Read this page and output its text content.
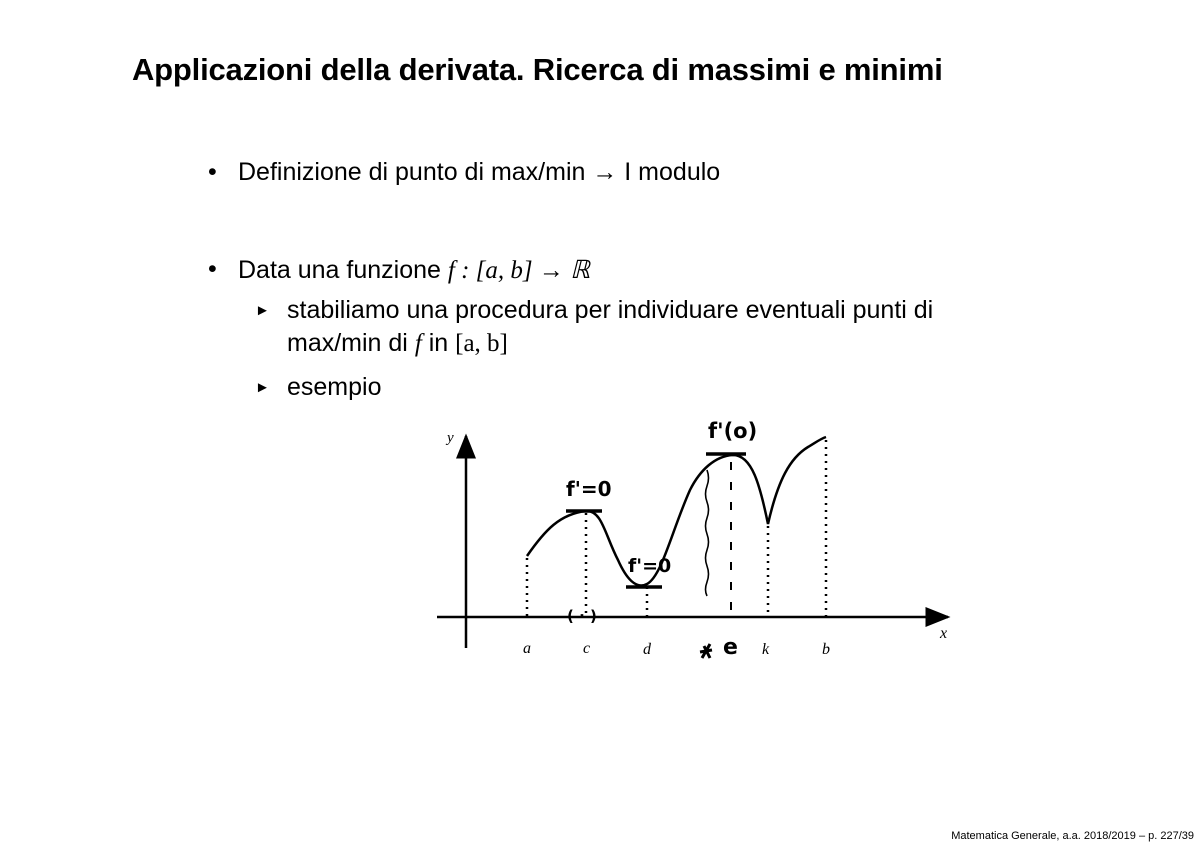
Applicazioni della derivata. Ricerca di massimi e minimi
• Definizione di punto di max/min → I modulo
• Data una funzione f : [a, b] → ℝ
► stabiliamo una procedura per individuare eventuali punti di
max/min di f in [a, b]
► esempio
y
x
f'=0
f'=0
f'(o)
( · )
a	c	d	k	b
e
Matematica Generale, a.a. 2018/2019 – p. 227/39
